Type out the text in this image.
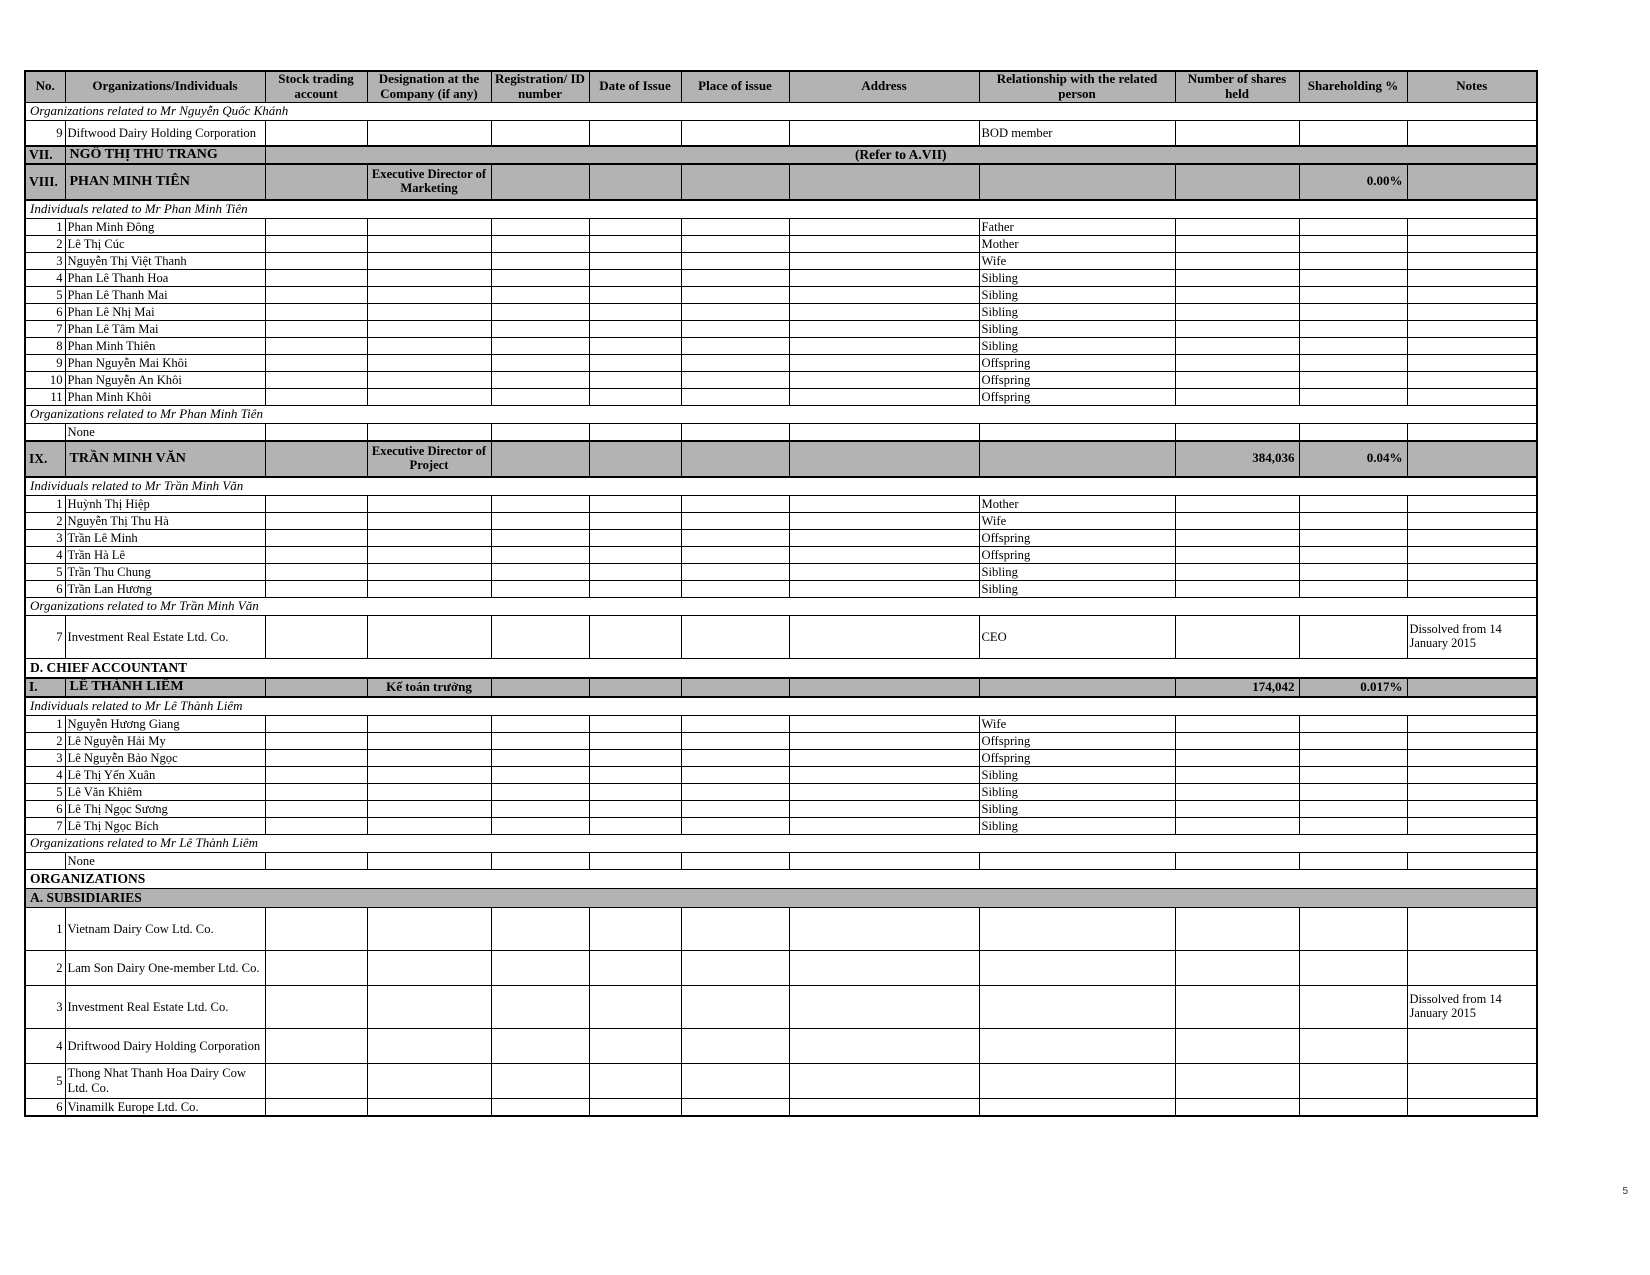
No.	Organizations/Individuals	Stock trading account	Designation at the Company (if any)	Registration/ ID number	Date of Issue	Place of issue	Address	Relationship with the related person	Number of shares held	Shareholding %	Notes
Organizations related to Mr Nguyễn Quốc Khánh											
9	Diftwood Dairy Holding Corporation							BOD member			
VII.	NGÔ THỊ THU TRANG	(Refer to A.VII)									
VIII.	PHAN MINH TIÊN		Executive Director of Marketing							0.00%	
Individuals related to Mr Phan Minh Tiên											
1	Phan Minh Đông							Father			
2	Lê Thị Cúc							Mother			
3	Nguyễn Thị Việt Thanh							Wife			
4	Phan Lê Thanh Hoa							Sibling			
5	Phan Lê Thanh Mai							Sibling			
6	Phan Lê Nhị Mai							Sibling			
7	Phan Lê Tâm Mai							Sibling			
8	Phan Minh Thiên							Sibling			
9	Phan Nguyễn Mai Khôi							Offspring			
10	Phan Nguyễn An Khôi							Offspring			
11	Phan Minh Khôi							Offspring			
Organizations related to Mr Phan Minh Tiên											
	None										
IX.	TRẦN MINH VĂN		Executive Director of Project						384,036	0.04%	
Individuals related to Mr Trần Minh Văn											
1	Huỳnh Thị Hiệp							Mother			
2	Nguyễn Thị Thu Hà							Wife			
3	Trần Lê Minh							Offspring			
4	Trần Hà Lê							Offspring			
5	Trần Thu Chung							Sibling			
6	Trần Lan Hương							Sibling			
Organizations related to Mr Trần Minh Văn											
7	Investment Real Estate Ltd. Co.							CEO			Dissolved from 14 January 2015
D. CHIEF ACCOUNTANT											
I.	LÊ THÀNH LIÊM		Kế toán trưởng						174,042	0.017%	
Individuals related to Mr Lê Thành Liêm											
1	Nguyễn Hương Giang							Wife			
2	Lê Nguyễn Hải My							Offspring			
3	Lê Nguyễn Bảo Ngọc							Offspring			
4	Lê Thị Yến Xuân							Sibling			
5	Lê Văn Khiêm							Sibling			
6	Lê Thị Ngọc Sương							Sibling			
7	Lê Thị Ngọc Bích							Sibling			
Organizations related to Mr Lê Thành Liêm											
	None										
ORGANIZATIONS											
A. SUBSIDIARIES											
1	Vietnam Dairy Cow Ltd. Co.										
2	Lam Son Dairy One-member Ltd. Co.										
3	Investment Real Estate Ltd. Co.										Dissolved from 14 January 2015
4	Driftwood Dairy Holding Corporation										
5	Thong Nhat Thanh Hoa Dairy Cow Ltd. Co.										
6	Vinamilk Europe Ltd. Co.										
5
